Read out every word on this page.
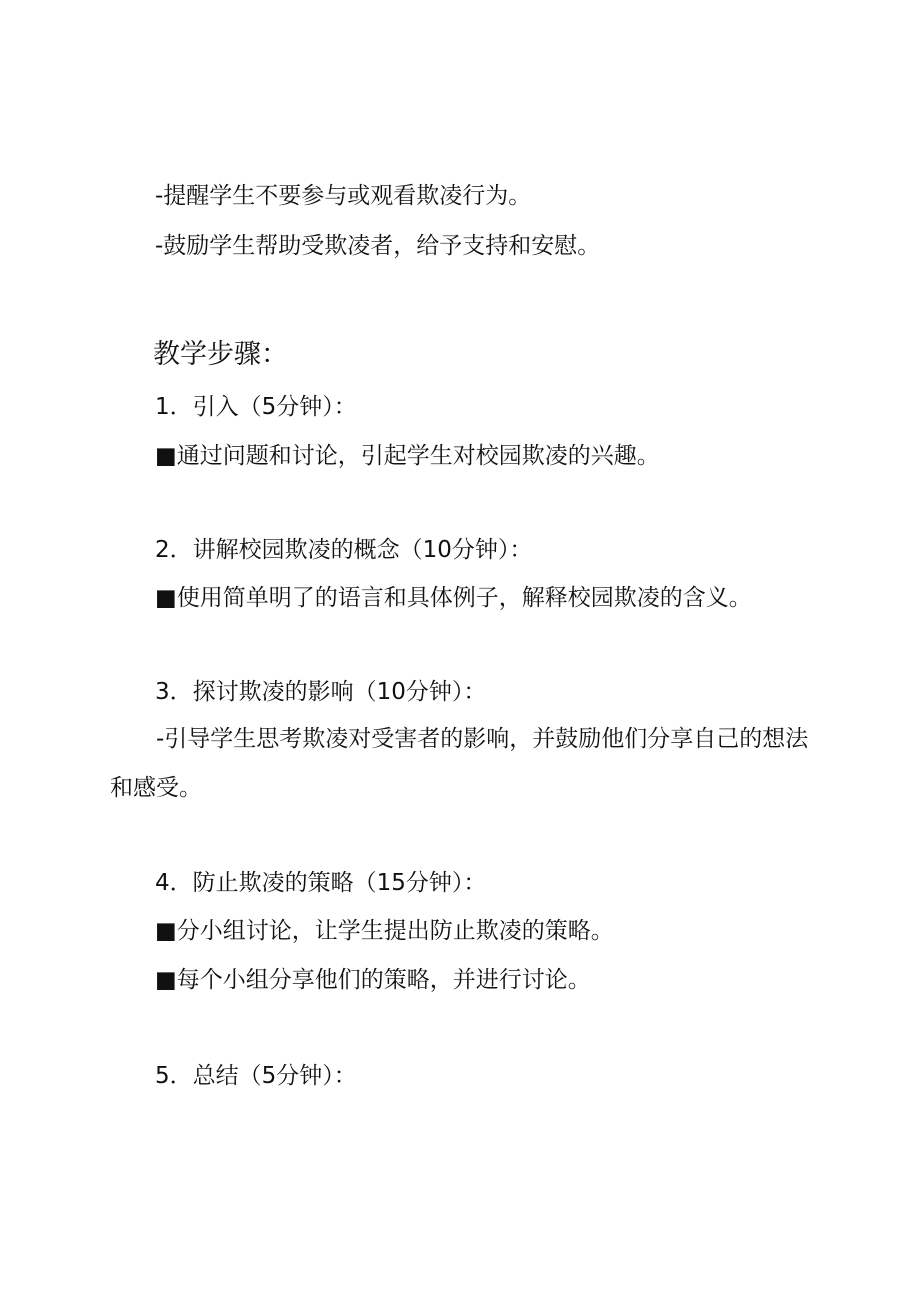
-提醒学生不要参与或观看欺凌行为。
-鼓励学生帮助受欺凌者，给予支持和安慰。
教学步骤：
1．引入（5分钟）：
■通过问题和讨论，引起学生对校园欺凌的兴趣。
2．讲解校园欺凌的概念（10分钟）：
■使用简单明了的语言和具体例子，解释校园欺凌的含义。
3．探讨欺凌的影响（10分钟）：
-引导学生思考欺凌对受害者的影响，并鼓励他们分享自己的想法和感受。
4．防止欺凌的策略（15分钟）：
■分小组讨论，让学生提出防止欺凌的策略。
■每个小组分享他们的策略，并进行讨论。
5．总结（5分钟）：
